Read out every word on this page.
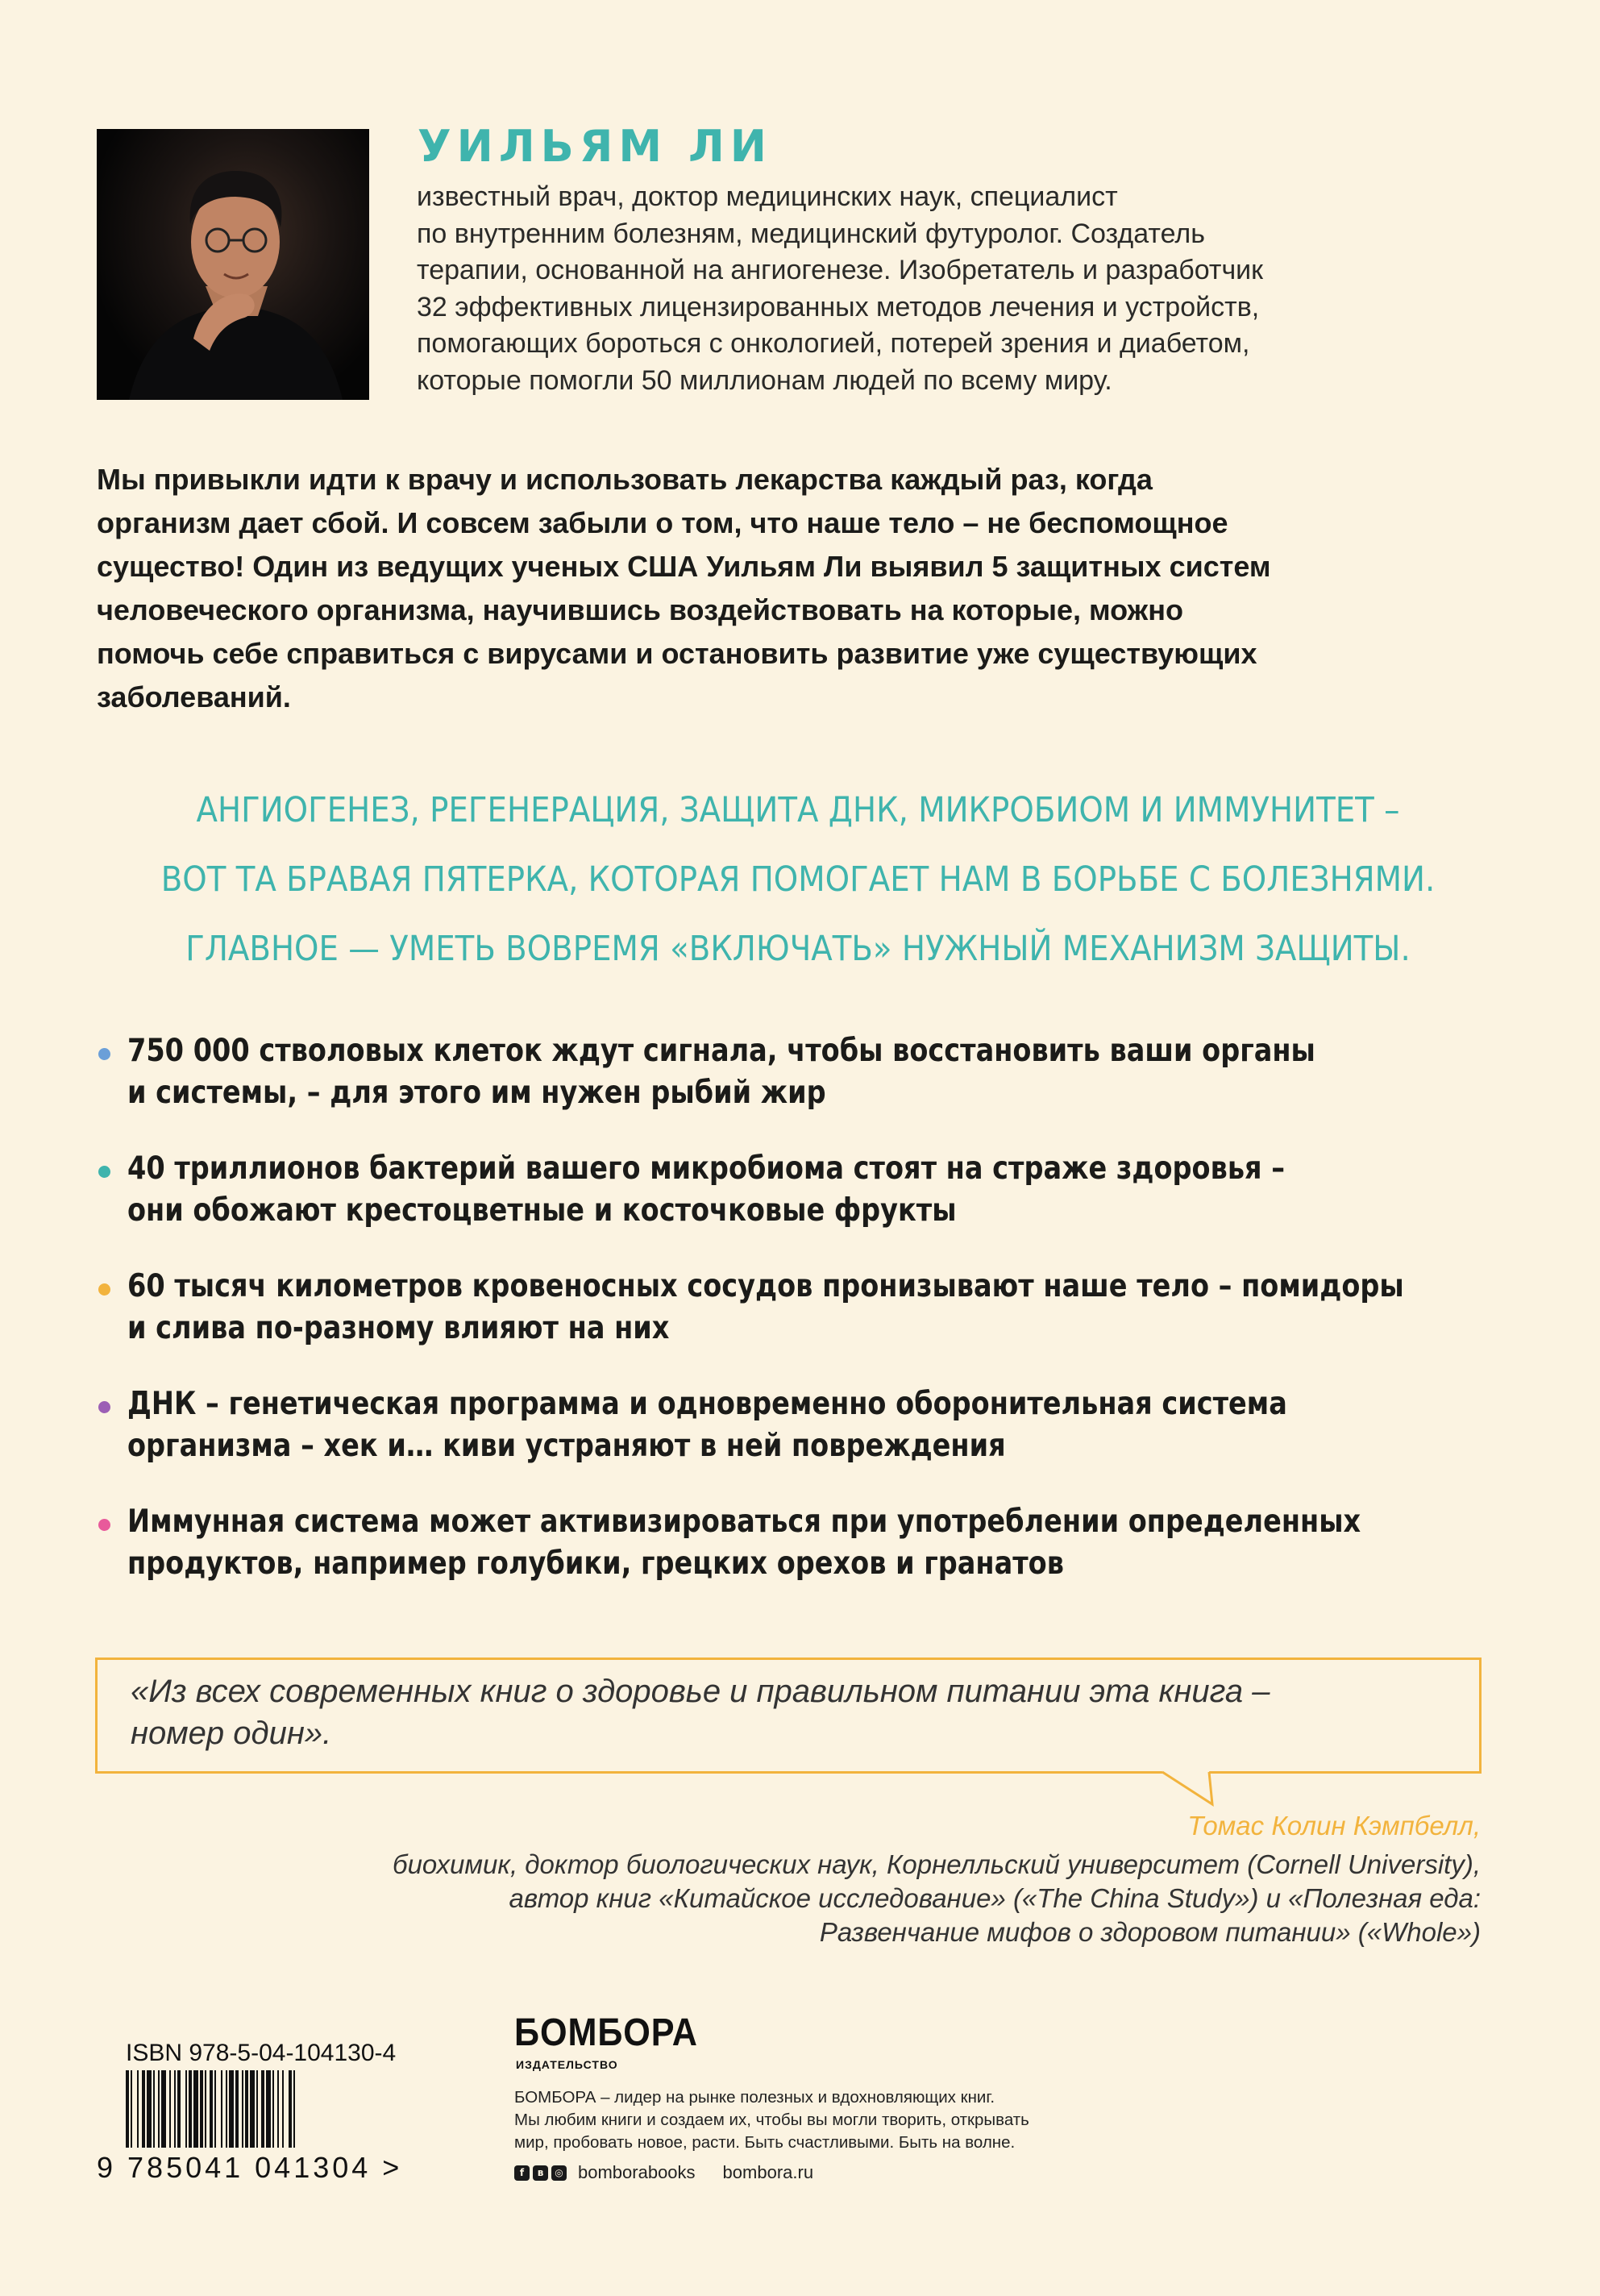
УИЛЬЯМ ЛИ

известный врач, доктор медицинских наук, специалист
по внутренним болезням, медицинский футуролог. Создатель
терапии, основанной на ангиогенезе. Изобретатель и разработчик
32 эффективных лицензированных методов лечения и устройств,
помогающих бороться с онкологией, потерей зрения и диабетом,
которые помогли 50 миллионам людей по всему миру.

Мы привыкли идти к врачу и использовать лекарства каждый раз, когда
организм дает сбой. И совсем забыли о том, что наше тело – не беспомощное
существо! Один из ведущих ученых США Уильям Ли выявил 5 защитных систем
человеческого организма, научившись воздействовать на которые, можно
помочь себе справиться с вирусами и остановить развитие уже существующих
заболеваний.

АНГИОГЕНЕЗ, РЕГЕНЕРАЦИЯ, ЗАЩИТА ДНК, МИКРОБИОМ И ИММУНИТЕТ –
ВОТ ТА БРАВАЯ ПЯТЕРКА, КОТОРАЯ ПОМОГАЕТ НАМ В БОРЬБЕ С БОЛЕЗНЯМИ.
ГЛАВНОЕ — УМЕТЬ ВОВРЕМЯ «ВКЛЮЧАТЬ» НУЖНЫЙ МЕХАНИЗМ ЗАЩИТЫ.

750 000 стволовых клеток ждут сигнала, чтобы восстановить ваши органы
и системы, – для этого им нужен рыбий жир
40 триллионов бактерий вашего микробиома стоят на страже здоровья –
они обожают крестоцветные и косточковые фрукты
60 тысяч километров кровеносных сосудов пронизывают наше тело – помидоры
и слива по-разному влияют на них
ДНК – генетическая программа и одновременно оборонительная система
организма – хек и… киви устраняют в ней повреждения
Иммунная система может активизироваться при употреблении определенных
продуктов, например голубики, грецких орехов и гранатов

«Из всех современных книг о здоровье и правильном питании эта книга –
номер один».

Томас Колин Кэмпбелл,

биохимик, доктор биологических наук, Корнелльский университет (Cornell University),
автор книг «Китайское исследование» («The China Study») и «Полезная еда:
Развенчание мифов о здоровом питании» («Whole»)

ISBN 978-5-04-104130-4

9 785041 041304 >

БОМБОРА

ИЗДАТЕЛЬСТВО

БОМБОРА – лидер на рынке полезных и вдохновляющих книг.
Мы любим книги и создаем их, чтобы вы могли творить, открывать
мир, пробовать новое, расти. Быть счастливыми. Быть на волне.

f	в	◎ bomborabooks bombora.ru
